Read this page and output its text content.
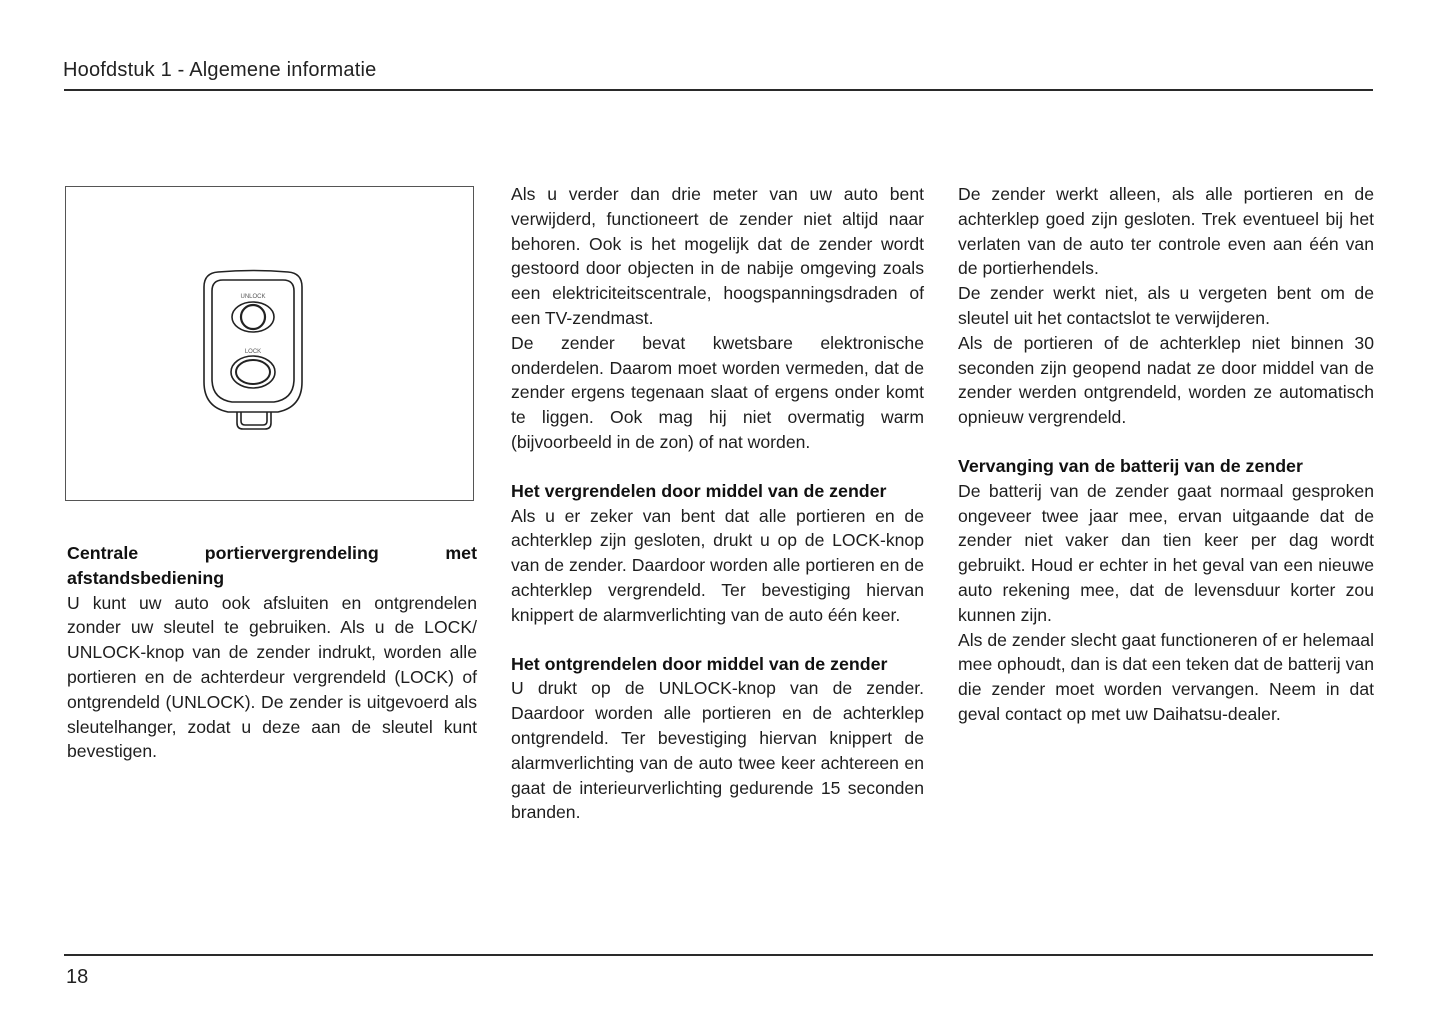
Hoofdstuk 1 - Algemene informatie
UNLOCK
LOCK
Centrale portiervergrendeling met afstandsbediening

U kunt uw auto ook afsluiten en ontgrendelen zonder uw sleutel te gebruiken. Als u de LOCK/ UNLOCK-knop van de zender indrukt, worden alle portieren en de achterdeur vergrendeld (LOCK) of ontgrendeld (UNLOCK). De zender is uitgevoerd als sleutelhanger, zodat u deze aan de sleutel kunt bevestigen.

Als u verder dan drie meter van uw auto bent verwijderd, functioneert de zender niet altijd naar behoren. Ook is het mogelijk dat de zender wordt gestoord door objecten in de nabije omgeving zoals een elektriciteitscentrale, hoogspanningsdraden of een TV-zendmast.

De zender bevat kwetsbare elektronische onderdelen. Daarom moet worden vermeden, dat de zender ergens tegenaan slaat of ergens onder komt te liggen. Ook mag hij niet overmatig warm (bijvoorbeeld in de zon) of nat worden.

Het vergrendelen door middel van de zender

Als u er zeker van bent dat alle portieren en de achterklep zijn gesloten, drukt u op de LOCK-knop van de zender. Daardoor worden alle portieren en de achterklep vergrendeld. Ter bevestiging hiervan knippert de alarmverlichting van de auto één keer.

Het ontgrendelen door middel van de zender

U drukt op de UNLOCK-knop van de zender. Daardoor worden alle portieren en de achterklep ontgrendeld. Ter bevestiging hiervan knippert de alarmverlichting van de auto twee keer achtereen en gaat de interieurverlichting gedurende 15 seconden branden.

De zender werkt alleen, als alle portieren en de achterklep goed zijn gesloten. Trek eventueel bij het verlaten van de auto ter controle even aan één van de portierhendels.

De zender werkt niet, als u vergeten bent om de sleutel uit het contactslot te verwijderen.

Als de portieren of de achterklep niet binnen 30 seconden zijn geopend nadat ze door middel van de zender werden ontgrendeld, worden ze automatisch opnieuw vergrendeld.

Vervanging van de batterij van de zender

De batterij van de zender gaat normaal gesproken ongeveer twee jaar mee, ervan uitgaande dat de zender niet vaker dan tien keer per dag wordt gebruikt. Houd er echter in het geval van een nieuwe auto rekening mee, dat de levensduur korter zou kunnen zijn.

Als de zender slecht gaat functioneren of er helemaal mee ophoudt, dan is dat een teken dat de batterij van die zender moet worden vervangen. Neem in dat geval contact op met uw Daihatsu-dealer.

18
